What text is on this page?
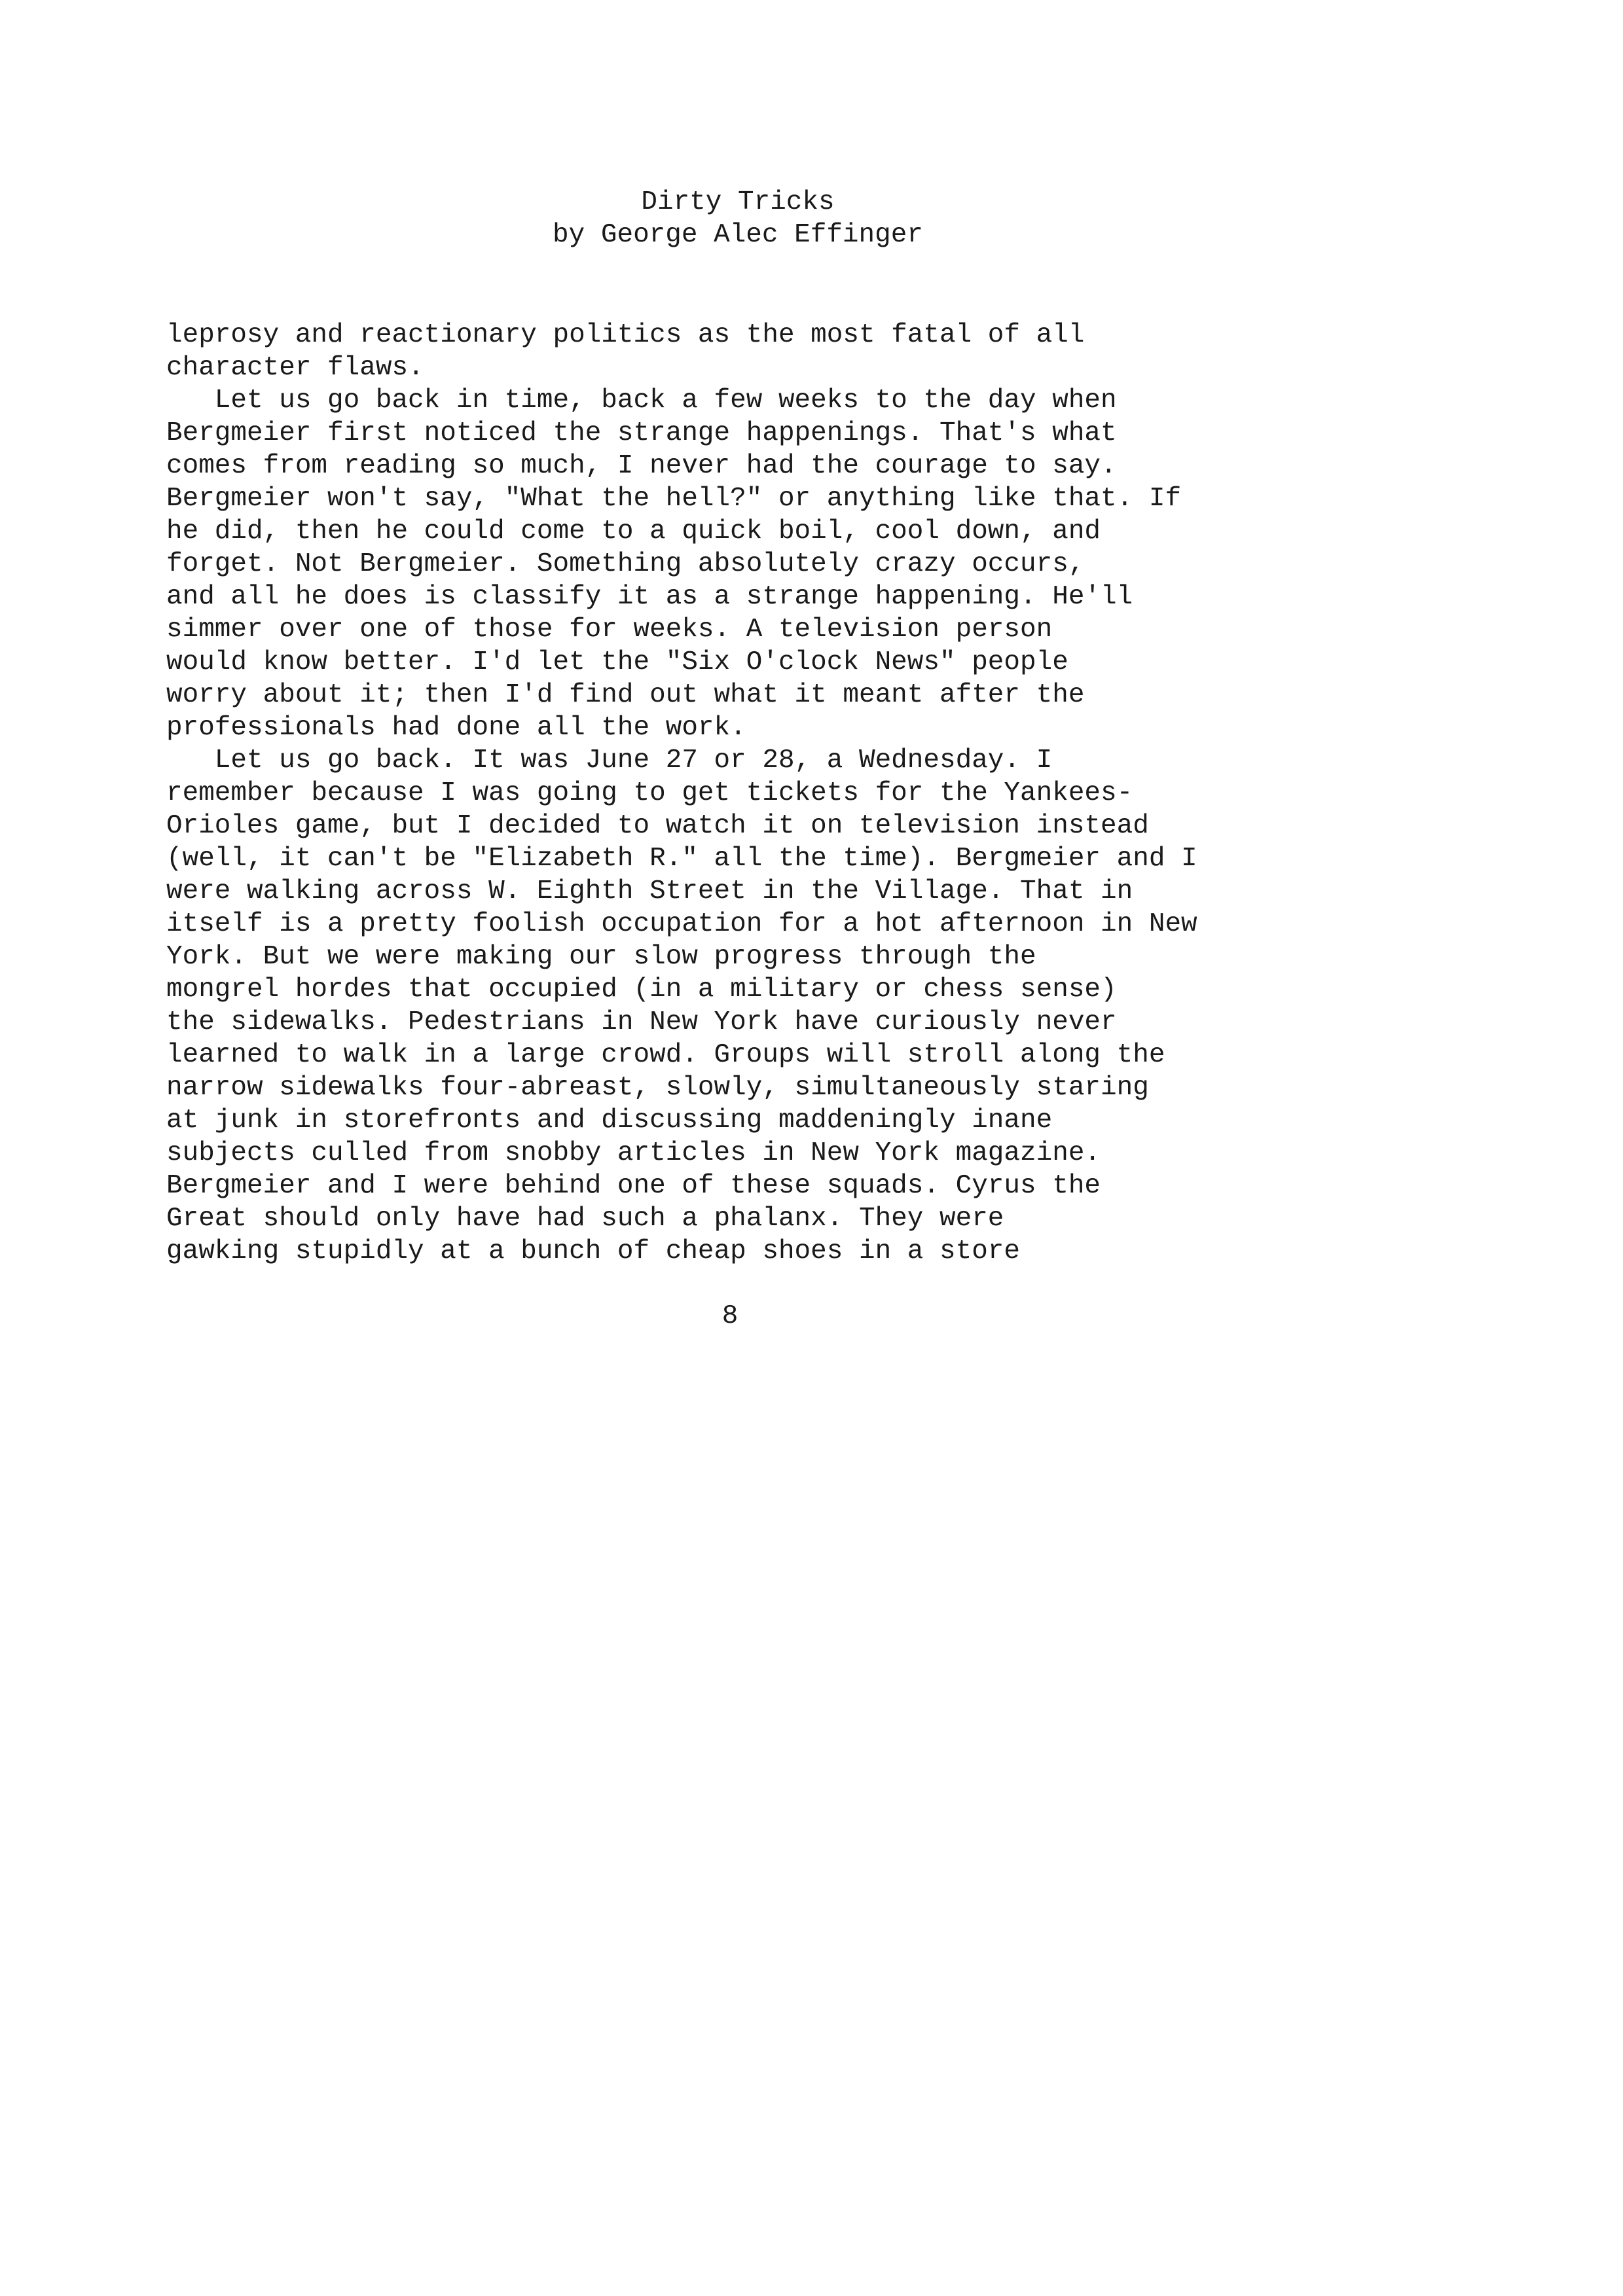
Dirty Tricks
by George Alec Effinger
leprosy and reactionary politics as the most fatal of all
character flaws.
Let us go back in time, back a few weeks to the day when
Bergmeier first noticed the strange happenings. That's what
comes from reading so much, I never had the courage to say.
Bergmeier won't say, "What the hell?" or anything like that. If
he did, then he could come to a quick boil, cool down, and
forget. Not Bergmeier. Something absolutely crazy occurs,
and all he does is classify it as a strange happening. He'll
simmer over one of those for weeks. A television person
would know better. I'd let the "Six O'clock News" people
worry about it; then I'd find out what it meant after the
professionals had done all the work.
Let us go back. It was June 27 or 28, a Wednesday. I
remember because I was going to get tickets for the Yankees-
Orioles game, but I decided to watch it on television instead
(well, it can't be "Elizabeth R." all the time). Bergmeier and I
were walking across W. Eighth Street in the Village. That in
itself is a pretty foolish occupation for a hot afternoon in New
York. But we were making our slow progress through the
mongrel hordes that occupied (in a military or chess sense)
the sidewalks. Pedestrians in New York have curiously never
learned to walk in a large crowd. Groups will stroll along the
narrow sidewalks four-abreast, slowly, simultaneously staring
at junk in storefronts and discussing maddeningly inane
subjects culled from snobby articles in New York magazine.
Bergmeier and I were behind one of these squads. Cyrus the
Great should only have had such a phalanx. They were
gawking stupidly at a bunch of cheap shoes in a store
8
